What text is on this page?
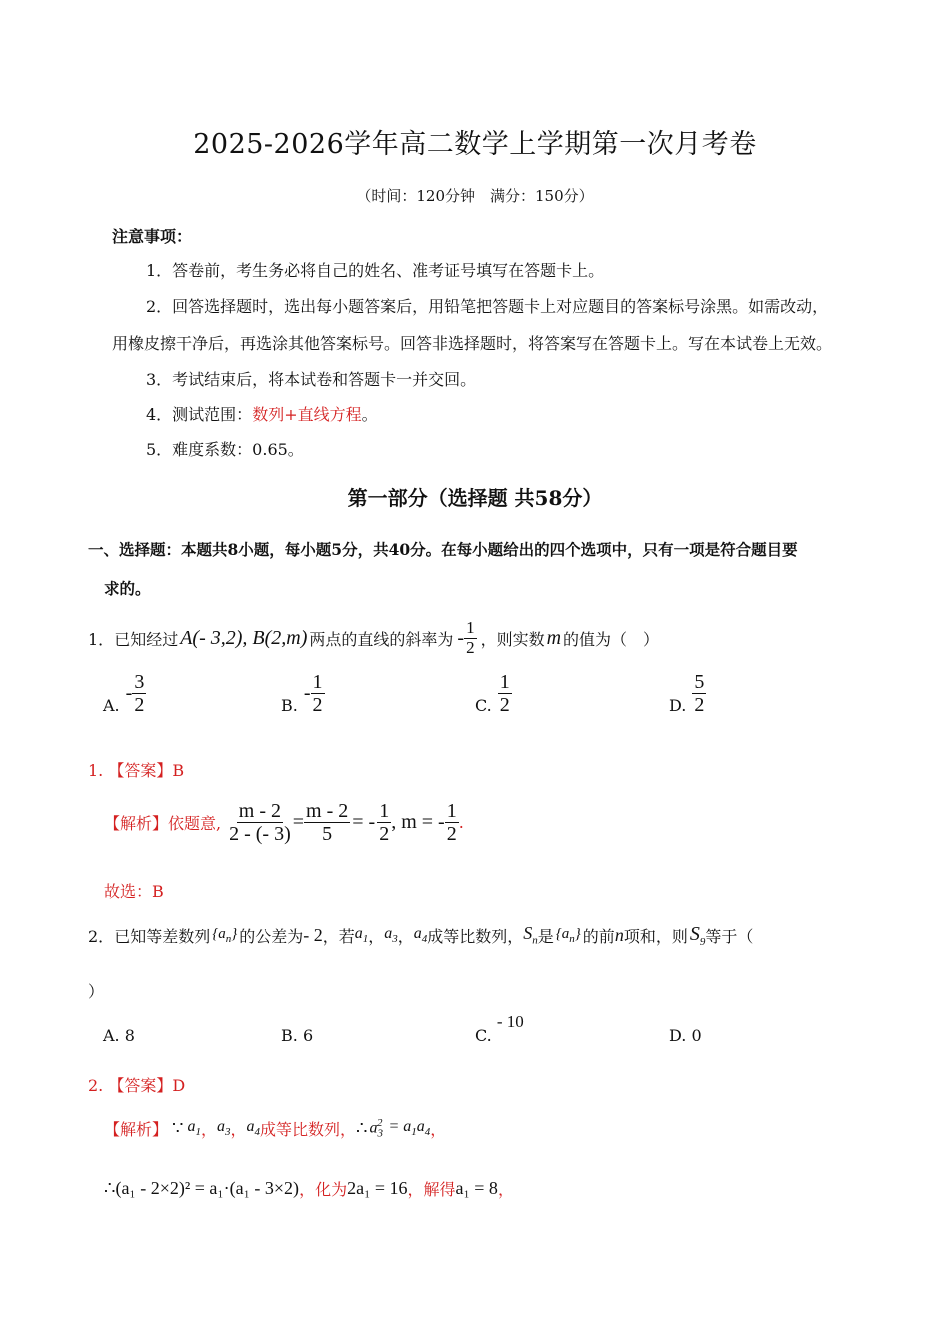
2025-2026学年高二数学上学期第一次月考卷
（时间：120分钟　满分：150分）
注意事项：
1．答卷前，考生务必将自己的姓名、准考证号填写在答题卡上。
2．回答选择题时，选出每小题答案后，用铅笔把答题卡上对应题目的答案标号涂黑。如需改动，
用橡皮擦干净后，再选涂其他答案标号。回答非选择题时，将答案写在答题卡上。写在本试卷上无效。
3．考试结束后，将本试卷和答题卡一并交回。
4．测试范围：数列+直线方程。
5．难度系数：0.65。
第一部分（选择题 共58分）
一、选择题：本题共8小题，每小题5分，共40分。在每小题给出的四个选项中，只有一项是符合题目要
求的。
1． 已知经过 A(- 3,2), B(2,m) 两点的直线的斜率为 - $\frac{1}{2}$ ，则实数 m 的值为（　）
A.
- $\frac{3}{2}$	B.
- $\frac{1}{2}$	C. $\frac{1}{2}$	D. $\frac{5}{2}$
1. 【答案】B
【解析】依题意, $\frac{m - 2}{2 - (- 3)} = \frac{m - 2}{5}$ = - $\frac{1}{2}$ , m = - $\frac{1}{2}$ .
故选：B
2． 已知等差数列 $\{a_n\}$ 的公差为 - 2 ，若 $a_1$ ， $a_3$ ， $a_4$ 成等比数列， $S_n$ 是 $\{a_n\}$ 的前 n 项和，则 $S_9$ 等于（
）
A. 8	B. 6	C. - 10
D. 0
2. 【答案】D
【解析】 ∵ $a_1$ ， $a_3$ ， $a_4$ 成等比数列， ∴ $a_3^2 = a_1a_4$ ，
∴(a₁ - 2×2)² = a₁·(a₁ - 3×2) ，化为 2a₁ = 16 ，解得 a₁ = 8 ，
